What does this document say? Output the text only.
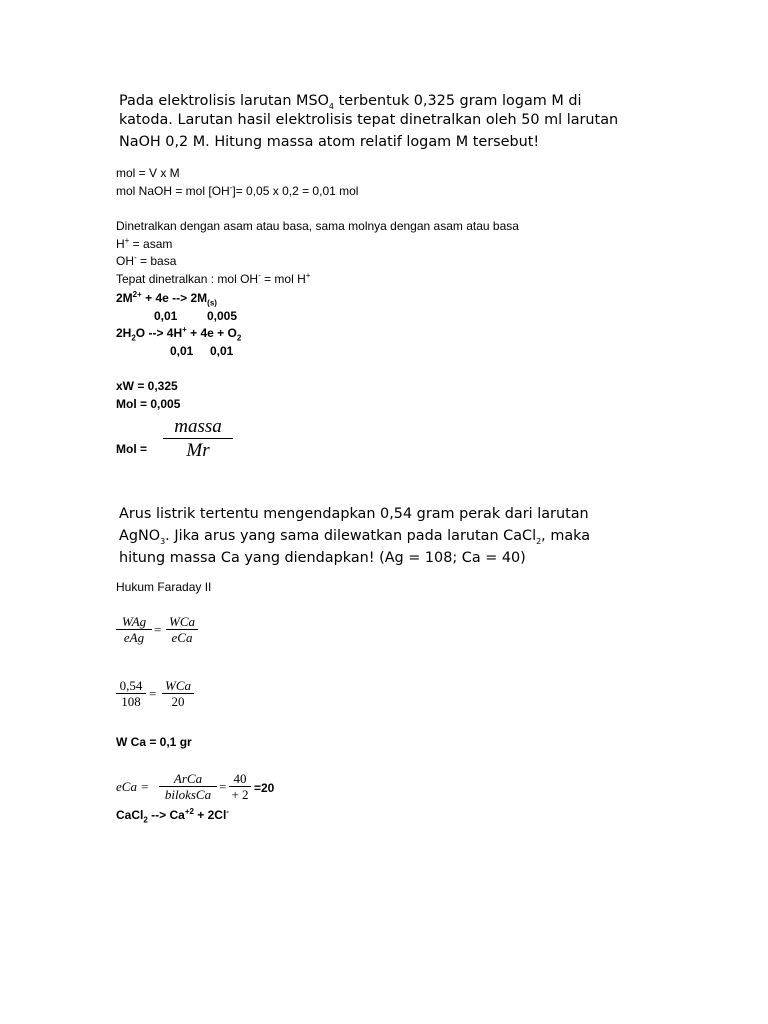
Pada elektrolisis larutan $MSO_4$ terbentuk 0,325 gram logam M di
katoda. Larutan hasil elektrolisis tepat dinetralkan oleh 50 ml larutan
NaOH 0,2 M. Hitung massa atom relatif logam M tersebut!
mol = V x M
mol NaOH = mol [OH-]= 0,05 x 0,2 = 0,01 mol
Dinetralkan dengan asam atau basa, sama molnya dengan asam atau basa
H+ = asam
OH- = basa
Tepat dinetralkan : mol OH- = mol H+
$2M^{2+} + 4e$ --> $2M_{(s)}$
0,01 0,005
$2H_2O$ --> $4H^+ + 4e + O_2$
0,01 0,01
xW = 0,325
Mol = 0,005
Mol =
massa
Mr
Arus listrik tertentu mengendapkan 0,54 gram perak dari larutan
AgNO$_3$. Jika arus yang sama dilewatkan pada larutan CaCl$_2$, maka
hitung massa Ca yang diendapkan! (Ag = 108; Ca = 40)
Hukum Faraday II
WAg
eAg
=
WCa
eCa
0,54
108
=
WCa
20
W Ca = 0,1 gr
eCa =
ArCa
biloksCa
=
40
+ 2 =20
CaCl$_2$ --> $Ca^{+2} + 2Cl^-$
